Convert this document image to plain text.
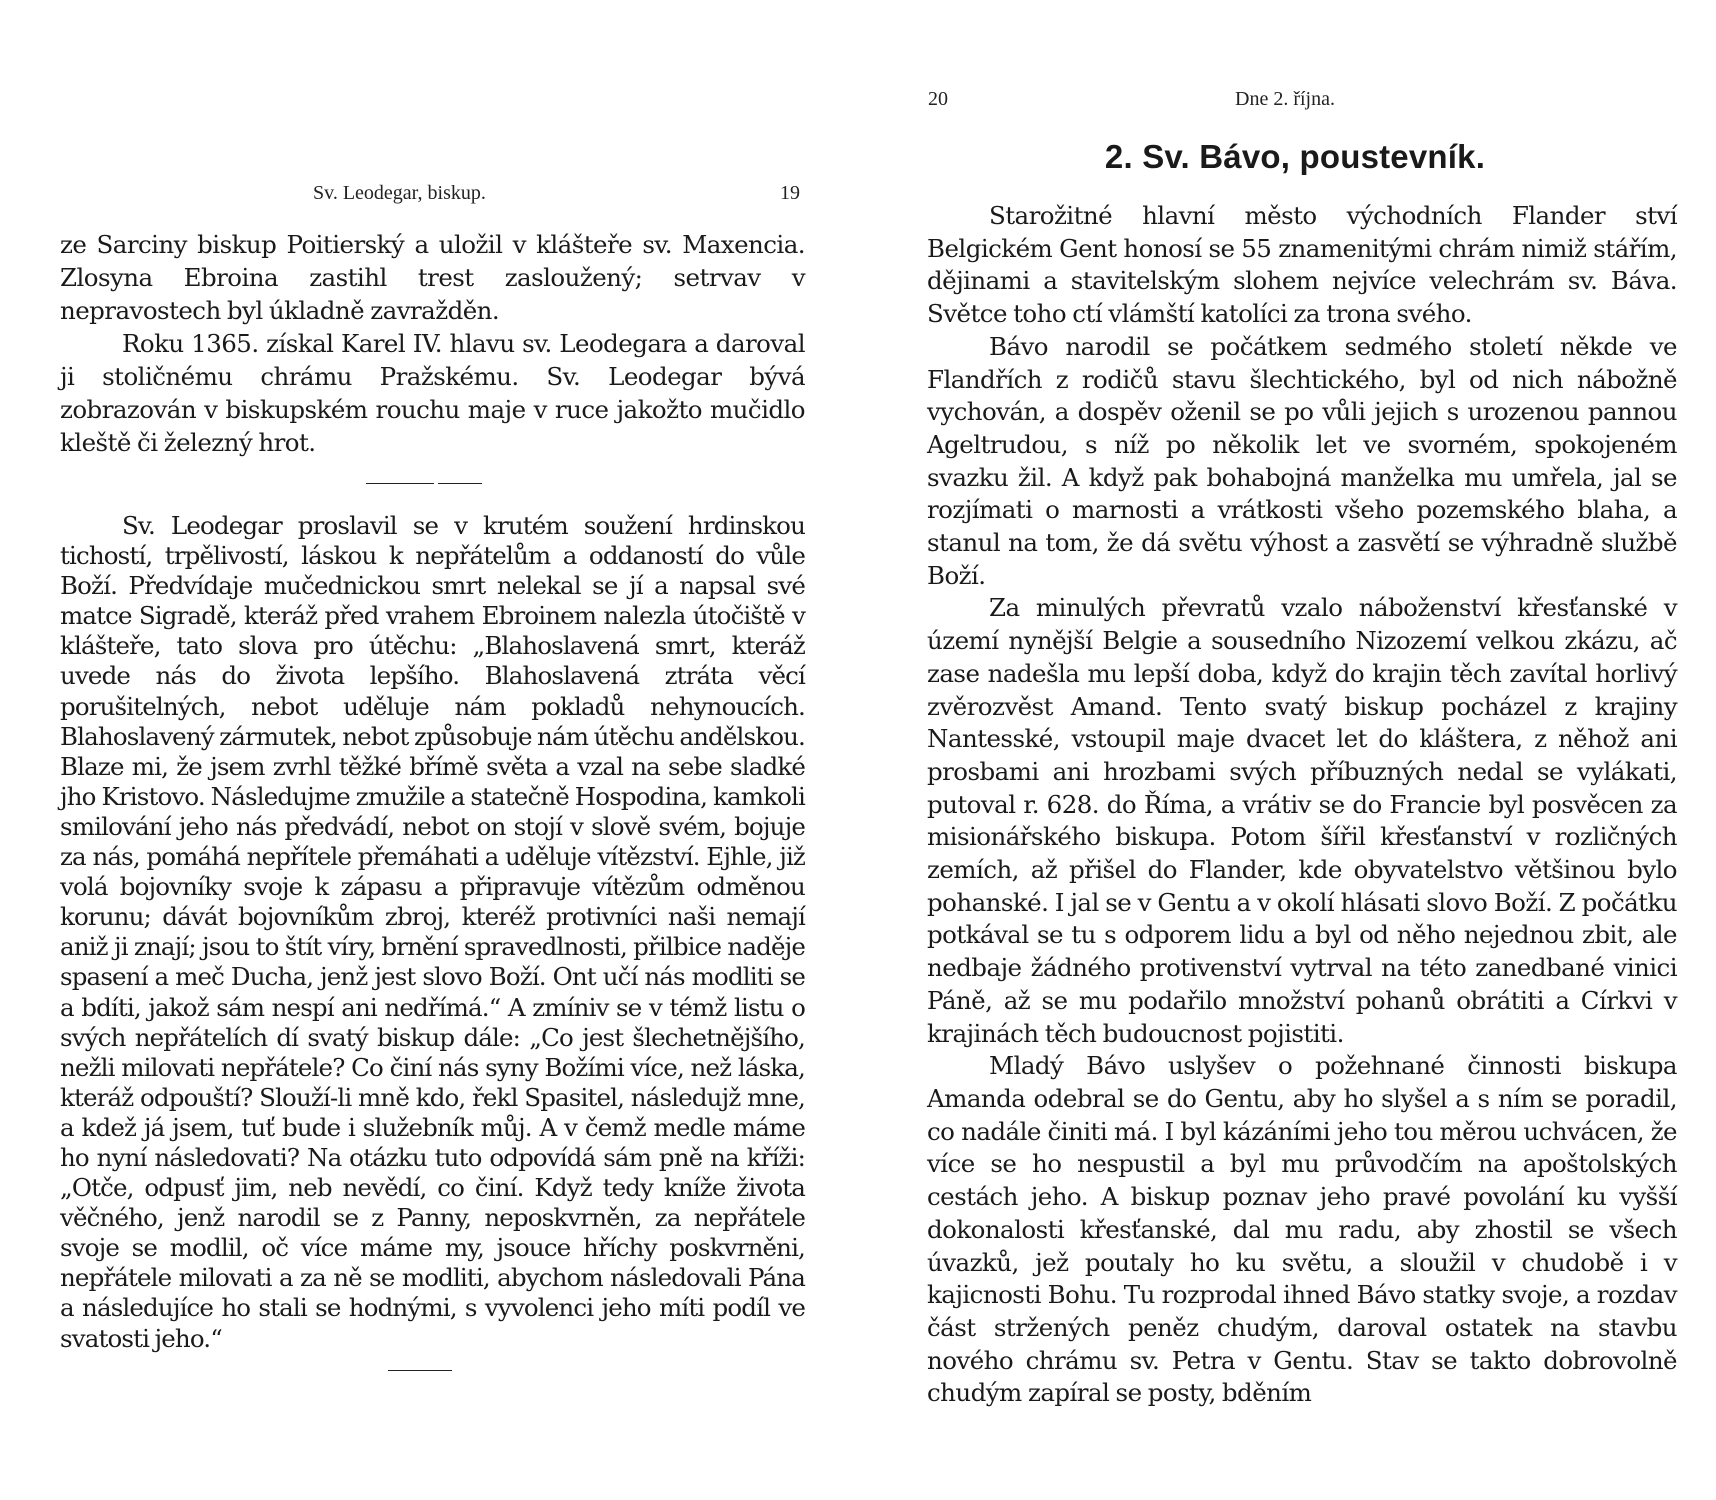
Sv. Leodegar, biskup.	19

ze Sarciny biskup Poitierský a uložil v klášteře sv. Maxencia. Zlosyna Ebroina zastihl trest zasloužený; setrvav v nepravostech byl úkladně zavražděn.

Roku 1365. získal Karel IV. hlavu sv. Leodegara a daroval ji stoličnému chrámu Pražskému. Sv. Leodegar bývá zobrazován v biskupském rouchu maje v ruce jakožto mučidlo kleště či železný hrot.

Sv. Leodegar proslavil se v krutém soužení hrdinskou tichostí, trpělivostí, láskou k nepřátelům a oddaností do vůle Boží. Předvídaje mučednickou smrt nelekal se jí a napsal své matce Sigradě, kteráž před vrahem Ebroinem nalezla útočiště v klášteře, tato slova pro útěchu: „Blahoslavená smrt, kteráž uvede nás do života lepšího. Blahoslavená ztráta věcí porušitelných, nebot uděluje nám pokladů nehynoucích. Blahoslavený zármutek, nebot způsobuje nám útěchu andělskou. Blaze mi, že jsem zvrhl těžké břímě světa a vzal na sebe sladké jho Kristovo. Následujme zmužile a statečně Hospodina, kamkoli smilování jeho nás předvádí, nebot on stojí v slově svém, bojuje za nás, pomáhá nepřítele přemáhati a uděluje vítězství. Ejhle, již volá bojovníky svoje k zápasu a připravuje vítězům odměnou korunu; dávát bojovníkům zbroj, kteréž protivníci naši nemají aniž ji znají; jsou to štít víry, brnění spravedlnosti, přilbice naděje spasení a meč Ducha, jenž jest slovo Boží. Ont učí nás modliti se a bdíti, jakož sám nespí ani nedřímá.“ A zmíniv se v témž listu o svých nepřátelích dí svatý biskup dále: „Co jest šlechetnějšího, nežli milovati nepřátele? Co činí nás syny Božími více, než láska, kteráž odpouští? Slouží-li mně kdo, řekl Spasitel, následujž mne, a kdež já jsem, tuť bude i služebník můj. A v čemž medle máme ho nyní následovati? Na otázku tuto odpovídá sám pně na kříži: „Otče, odpusť jim, neb nevědí, co činí. Když tedy kníže života věčného, jenž narodil se z Panny, neposkvrněn, za nepřátele svoje se modlil, oč více máme my, jsouce hříchy poskvrněni, nepřátele milovati a za ně se modliti, abychom následovali Pána a následujíce ho stali se hodnými, s vyvolenci jeho míti podíl ve svatosti jeho.“

20	Dne 2. října.
2. Sv. Bávo, poustevník.

Starožitné hlavní město východních Flander ství Belgickém Gent honosí se 55 znamenitými chrám nimiž stářím, dějinami a stavitelským slohem nejvíce velechrám sv. Báva. Světce toho ctí vlámští katolíci za trona svého.

Bávo narodil se počátkem sedmého století někde ve Flandřích z rodičů stavu šlechtického, byl od nich nábožně vychován, a dospěv oženil se po vůli jejich s urozenou pannou Ageltrudou, s níž po několik let ve svorném, spokojeném svazku žil. A když pak bohabojná manželka mu umřela, jal se rozjímati o marnosti a vrátkosti všeho pozemského blaha, a stanul na tom, že dá světu výhost a zasvětí se výhradně službě Boží.

Za minulých převratů vzalo náboženství křesťanské v území nynější Belgie a sousedního Nizozemí velkou zkázu, ač zase nadešla mu lepší doba, když do krajin těch zavítal horlivý zvěrozvěst Amand. Tento svatý biskup pocházel z krajiny Nantesské, vstoupil maje dvacet let do kláštera, z něhož ani prosbami ani hrozbami svých příbuzných nedal se vylákati, putoval r. 628. do Říma, a vrátiv se do Francie byl posvěcen za misionářského biskupa. Potom šířil křesťanství v rozličných zemích, až přišel do Flander, kde obyvatelstvo většinou bylo pohanské. I jal se v Gentu a v okolí hlásati slovo Boží. Z počátku potkával se tu s odporem lidu a byl od něho nejednou zbit, ale nedbaje žádného protivenství vytrval na této zanedbané vinici Páně, až se mu podařilo množství pohanů obrátiti a Církvi v krajinách těch budoucnost pojistiti.

Mladý Bávo uslyšev o požehnané činnosti biskupa Amanda odebral se do Gentu, aby ho slyšel a s ním se poradil, co nadále činiti má. I byl kázáními jeho tou měrou uchvácen, že více se ho nespustil a byl mu průvodčím na apoštolských cestách jeho. A biskup poznav jeho pravé povolání ku vyšší dokonalosti křesťanské, dal mu radu, aby zhostil se všech úvazků, jež poutaly ho ku světu, a sloužil v chudobě i v kajicnosti Bohu. Tu rozprodal ihned Bávo statky svoje, a rozdav část stržených peněz chudým, daroval ostatek na stavbu nového chrámu sv. Petra v Gentu. Stav se takto dobrovolně chudým zapíral se posty, bděním
